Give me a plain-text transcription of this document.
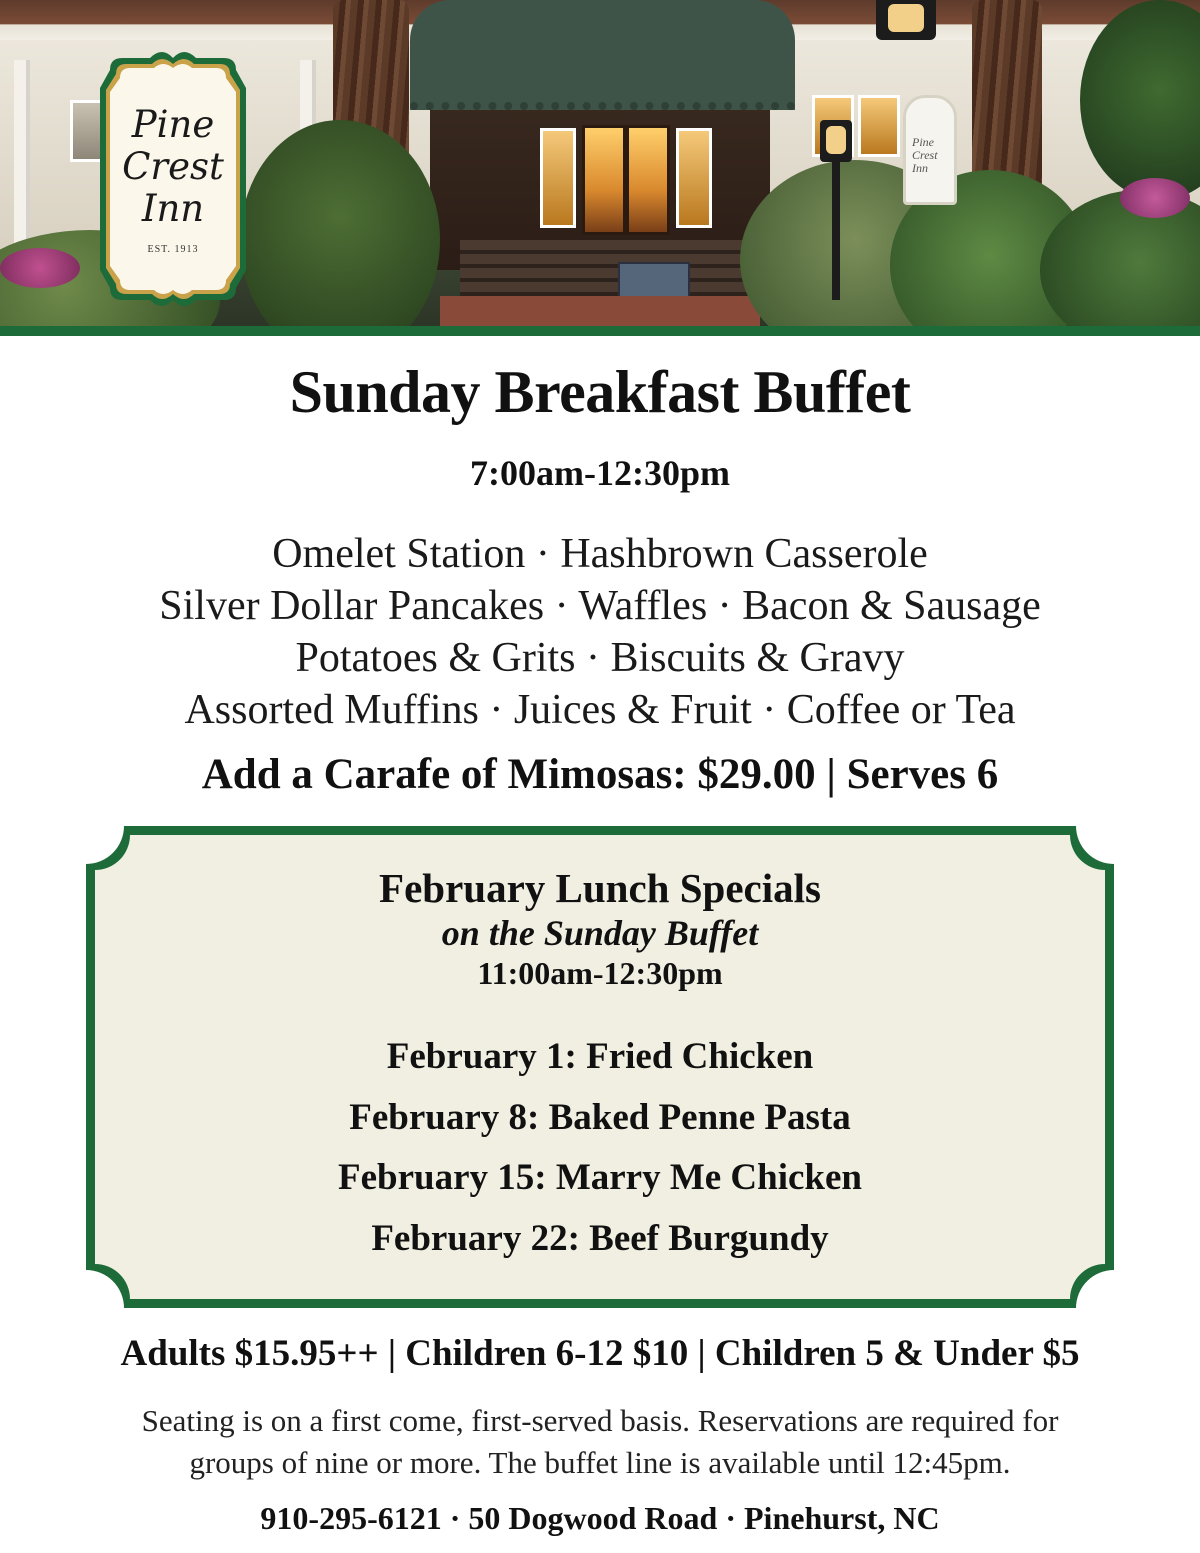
Pine
Crest
Inn
Pine
Crest
Inn
EST. 1913
Sunday Breakfast Buffet
7:00am-12:30pm
Omelet Station · Hashbrown Casserole
Silver Dollar Pancakes · Waffles · Bacon & Sausage
Potatoes & Grits · Biscuits & Gravy
Assorted Muffins · Juices & Fruit · Coffee or Tea
Add a Carafe of Mimosas: $29.00 | Serves 6
February Lunch Specials
on the Sunday Buffet
11:00am-12:30pm
February 1: Fried Chicken
February 8: Baked Penne Pasta
February 15: Marry Me Chicken
February 22: Beef Burgundy
Adults $15.95++ | Children 6-12 $10 | Children 5 & Under $5
Seating is on a first come, first-served basis. Reservations are required for
groups of nine or more. The buffet line is available until 12:45pm.
910-295-6121 · 50 Dogwood Road · Pinehurst, NC
